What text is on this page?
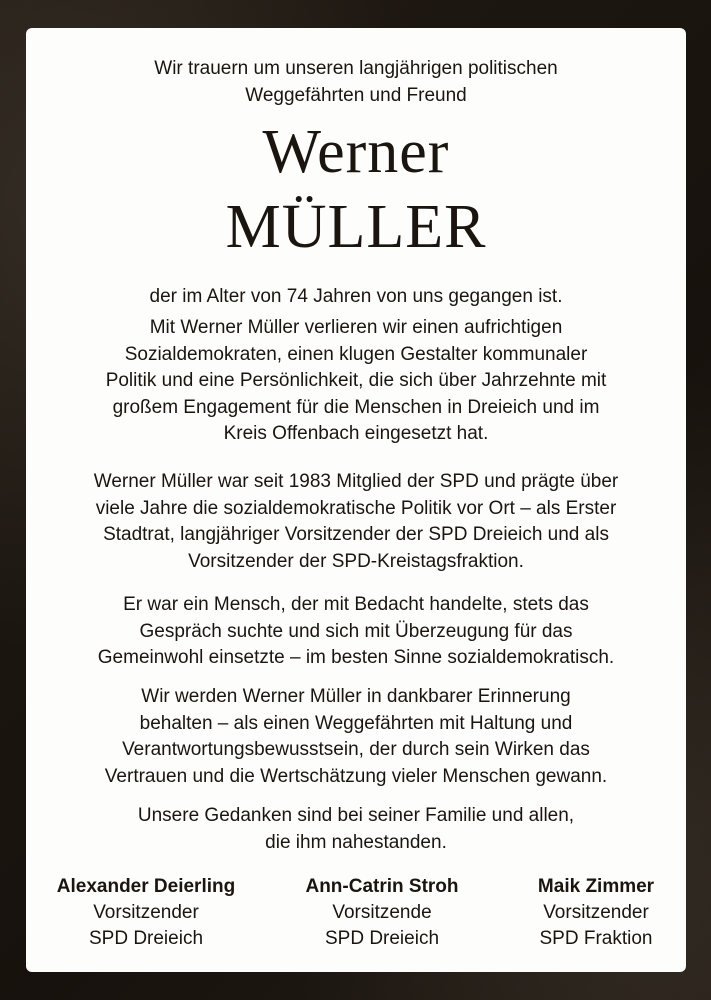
Wir trauern um unseren langjährigen politischen
Weggefährten und Freund
Werner
MÜLLER
der im Alter von 74 Jahren von uns gegangen ist.
Mit Werner Müller verlieren wir einen aufrichtigen
Sozialdemokraten, einen klugen Gestalter kommunaler
Politik und eine Persönlichkeit, die sich über Jahrzehnte mit
großem Engagement für die Menschen in Dreieich und im
Kreis Offenbach eingesetzt hat.
Werner Müller war seit 1983 Mitglied der SPD und prägte über
viele Jahre die sozialdemokratische Politik vor Ort – als Erster
Stadtrat, langjähriger Vorsitzender der SPD Dreieich und als
Vorsitzender der SPD-Kreistagsfraktion.
Er war ein Mensch, der mit Bedacht handelte, stets das
Gespräch suchte und sich mit Überzeugung für das
Gemeinwohl einsetzte – im besten Sinne sozialdemokratisch.
Wir werden Werner Müller in dankbarer Erinnerung
behalten – als einen Weggefährten mit Haltung und
Verantwortungsbewusstsein, der durch sein Wirken das
Vertrauen und die Wertschätzung vieler Menschen gewann.
Unsere Gedanken sind bei seiner Familie und allen,
die ihm nahestanden.
Alexander Deierling
Vorsitzender
SPD Dreieich
Ann-Catrin Stroh
Vorsitzende
SPD Dreieich
Maik Zimmer
Vorsitzender
SPD Fraktion
